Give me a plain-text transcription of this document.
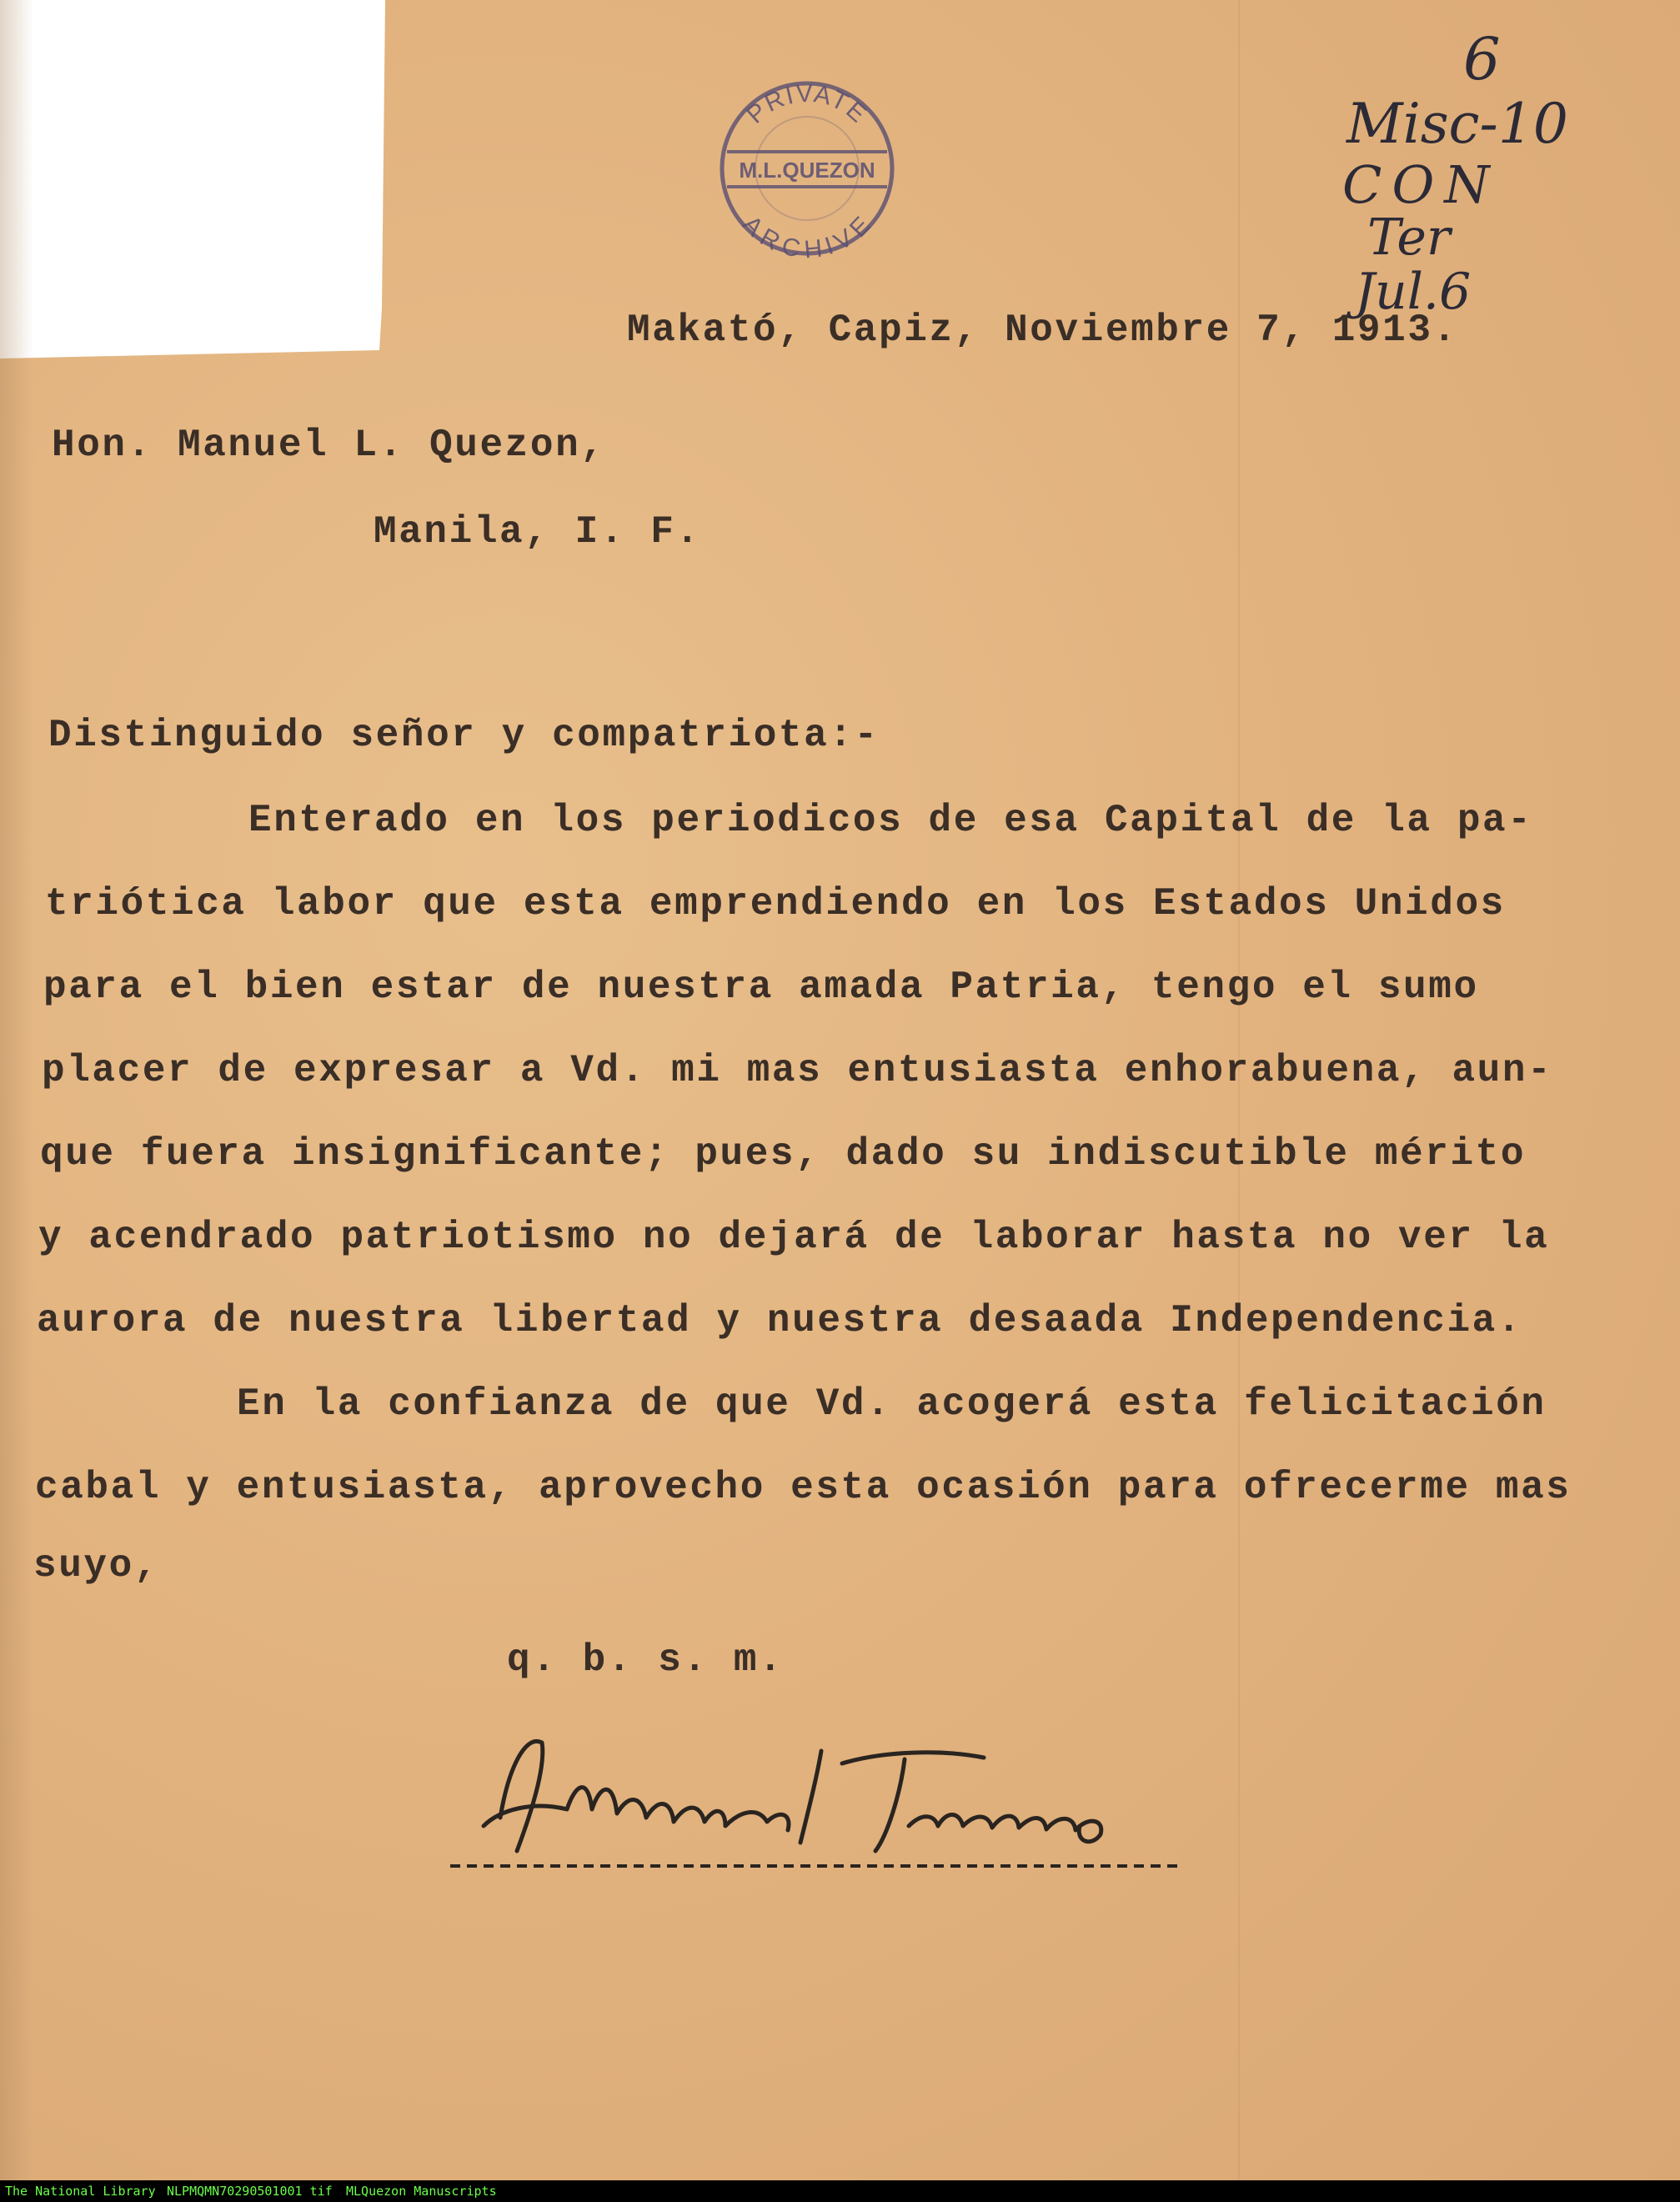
PRIVATE
M.L.QUEZON
ARCHIVE
6
Misc-10
CON
Ter
Jul.6

Makató, Capiz, Noviembre 7, 1913.

Hon. Manuel L. Quezon,

Manila, I. F.

Distinguido señor y compatriota:-

Enterado en los periodicos de esa Capital de la pa-

triótica labor que esta emprendiendo en los Estados Unidos

para el bien estar de nuestra amada Patria, tengo el sumo

placer de expresar a Vd. mi mas entusiasta enhorabuena, aun-

que fuera insignificante; pues, dado su indiscutible mérito

y acendrado patriotismo no dejará de laborar hasta no ver la

aurora de nuestra libertad y nuestra desaada Independencia.

En la confianza de que Vd. acogerá esta felicitación

cabal y entusiasta, aprovecho esta ocasión para ofrecerme mas

suyo,

q. b. s. m.

The National Library NLPMQMN70290501001 tif MLQuezon Manuscripts
